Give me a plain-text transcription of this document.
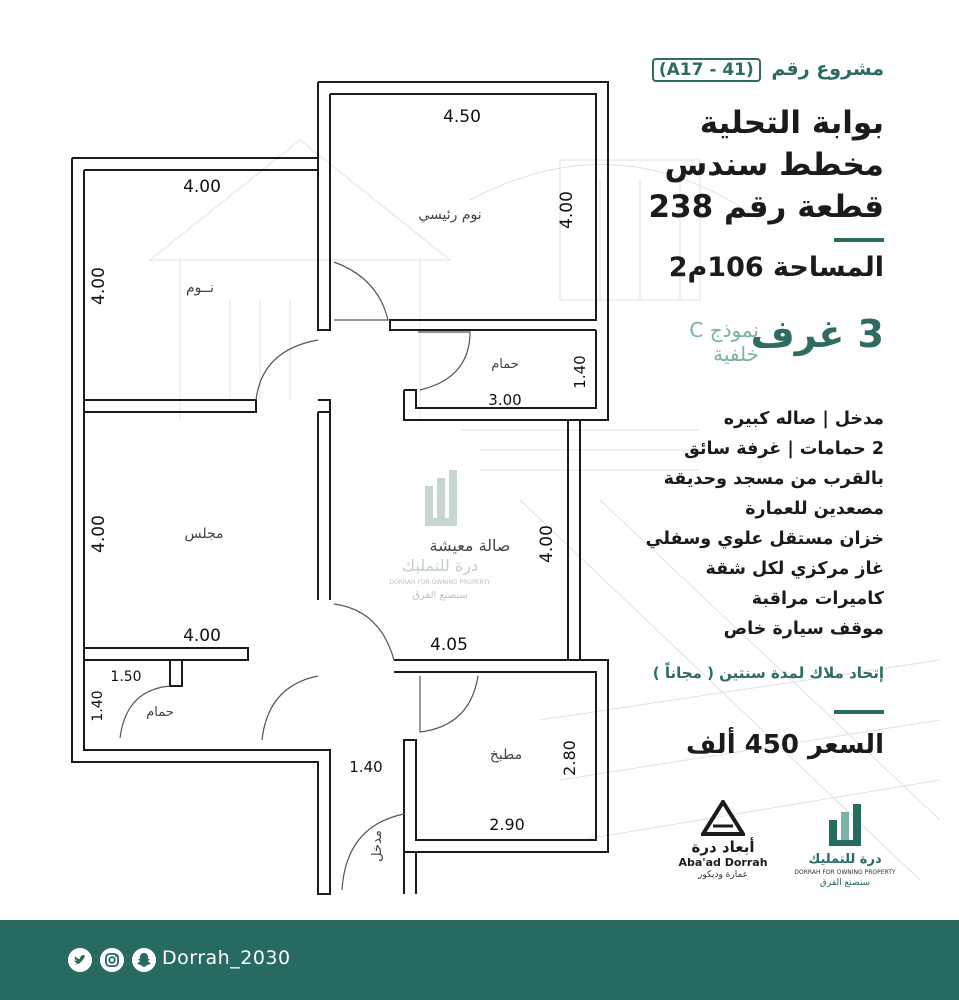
4.50
4.00
4.00
4.00
3.00
1.40
4.00
4.00
4.00
4.05
1.50
1.40
1.40	2.80
2.90
نوم رئيسي
نــوم
حمام
مجلس
حمام
مطبخ
مدخل
صالة معيشة
درة للتمليك
DORRAH FOR OWNING PROPERTY
سنصنع الفرق
مشروع رقم (A17 - 41)
بوابة التحلية
مخطط سندس
قطعة رقم 238
المساحة 106م2
3 غرف
نموذج C
خلفية
مدخل | صاله كبيره
2 حمامات | غرفة سائق
بالقرب من مسجد وحديقة
مصعدين للعمارة
خزان مستقل علوي وسفلي
غاز مركزي لكل شقة
كاميرات مراقبة
موقف سيارة خاص
إتحاد ملاك لمدة سنتين ( مجاناً )
السعر 450 ألف
أبعاد درة
Aba'ad Dorrah
عمارة وديكور
درة للتمليك
DORRAH FOR OWNING PROPERTY
سنصنع الفرق
Dorrah_2030
